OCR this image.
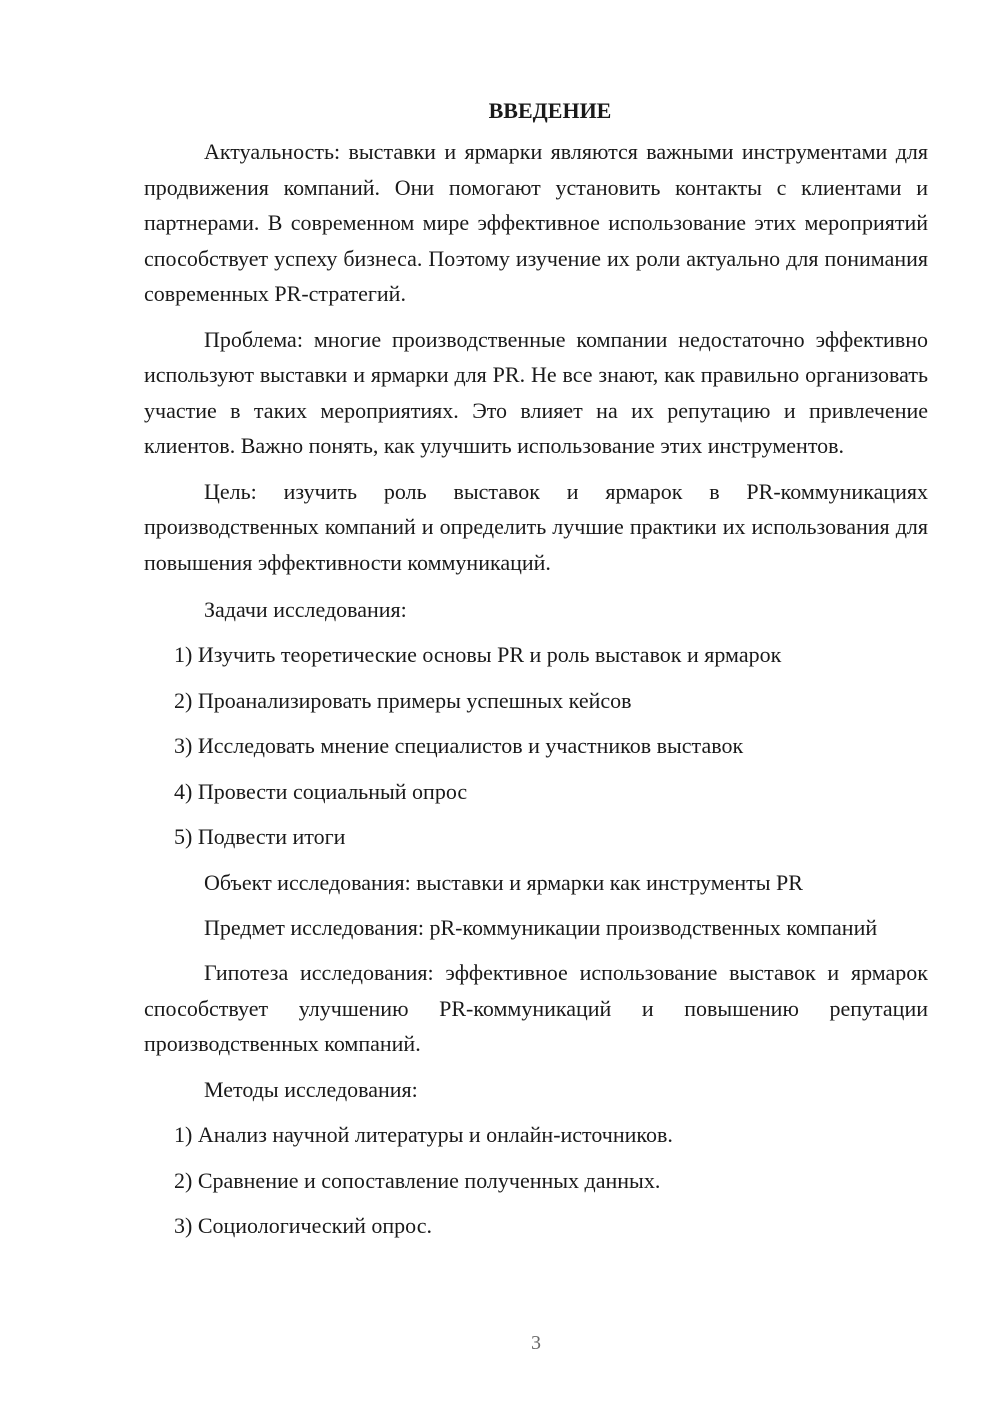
ВВЕДЕНИЕ

Актуальность: выставки и ярмарки являются важными инструментами для продвижения компаний. Они помогают установить контакты с клиентами и партнерами. В современном мире эффективное использование этих мероприятий способствует успеху бизнеса. Поэтому изучение их роли актуально для понимания современных PR-стратегий.

Проблема: многие производственные компании недостаточно эффективно используют выставки и ярмарки для PR. Не все знают, как правильно организовать участие в таких мероприятиях. Это влияет на их репутацию и привлечение клиентов. Важно понять, как улучшить использование этих инструментов.

Цель: изучить роль выставок и ярмарок в PR-коммуникациях производственных компаний и определить лучшие практики их использования для повышения эффективности коммуникаций.

Задачи исследования:

1) Изучить теоретические основы PR и роль выставок и ярмарок

2) Проанализировать примеры успешных кейсов

3) Исследовать мнение специалистов и участников выставок

4) Провести социальный опрос

5) Подвести итоги

Объект исследования: выставки и ярмарки как инструменты PR

Предмет исследования: pR-коммуникации производственных компаний

Гипотеза исследования: эффективное использование выставок и ярмарок способствует улучшению PR-коммуникаций и повышению репутации производственных компаний.

Методы исследования:

1) Анализ научной литературы и онлайн-источников.

2) Сравнение и сопоставление полученных данных.

3) Социологический опрос.

3
